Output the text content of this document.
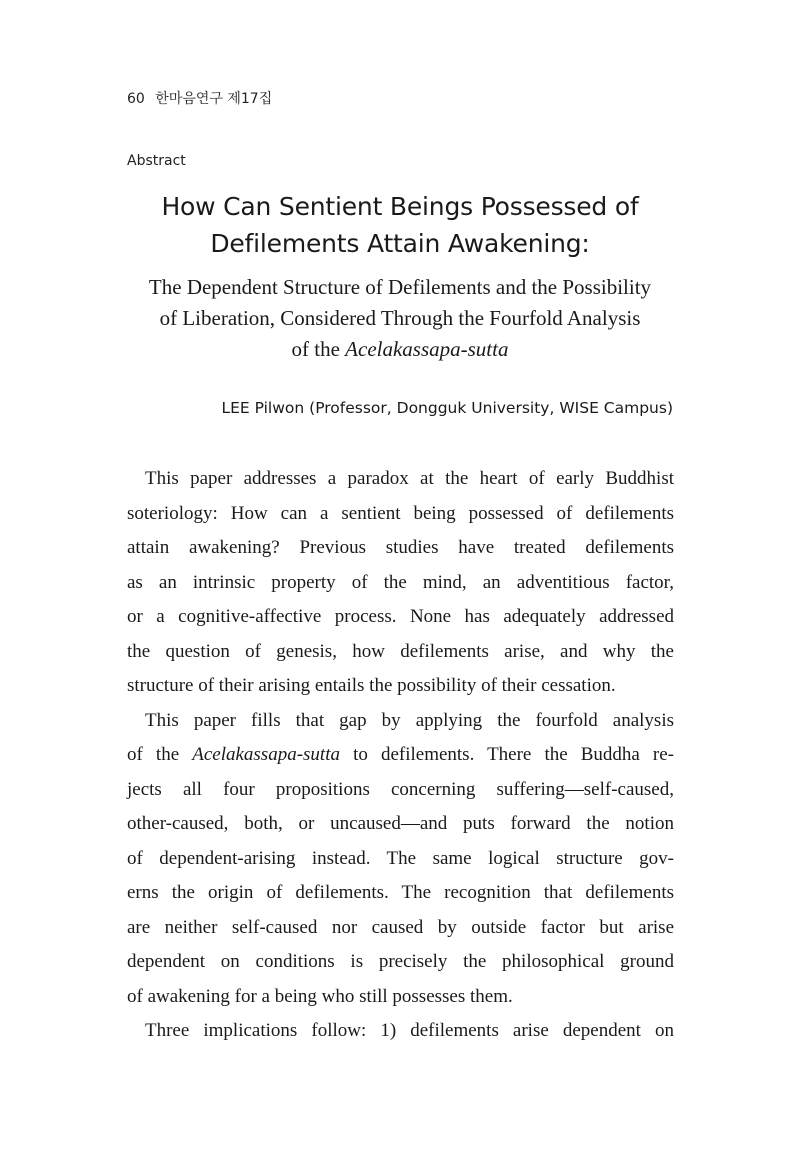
60 한마음연구 제17집
Abstract
How Can Sentient Beings Possessed of
Defilements Attain Awakening:
The Dependent Structure of Defilements and the Possibility
of Liberation, Considered Through the Fourfold Analysis
of the Acelakassapa-sutta
LEE Pilwon (Professor, Dongguk University, WISE Campus)
This paper addresses a paradox at the heart of early Buddhist
soteriology: How can a sentient being possessed of defilements
attain awakening? Previous studies have treated defilements
as an intrinsic property of the mind, an adventitious factor,
or a cognitive-affective process. None has adequately addressed
the question of genesis, how defilements arise, and why the
structure of their arising entails the possibility of their cessation.
This paper fills that gap by applying the fourfold analysis
of the Acelakassapa-sutta to defilements. There the Buddha re-
jects all four propositions concerning suffering—self-caused,
other-caused, both, or uncaused—and puts forward the notion
of dependent-arising instead. The same logical structure gov-
erns the origin of defilements. The recognition that defilements
are neither self-caused nor caused by outside factor but arise
dependent on conditions is precisely the philosophical ground
of awakening for a being who still possesses them.
Three implications follow: 1) defilements arise dependent on
